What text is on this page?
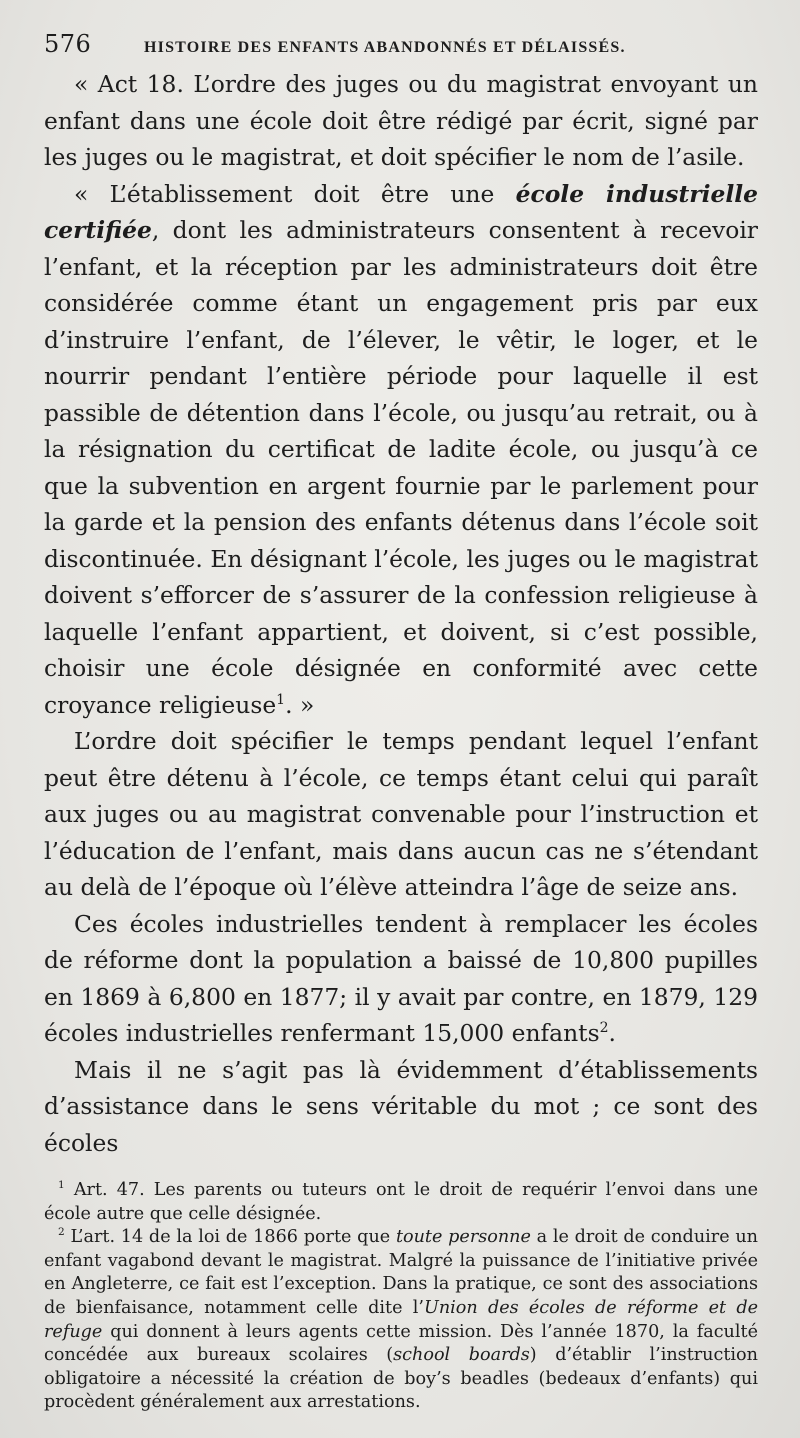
576	HISTOIRE DES ENFANTS ABANDONNÉS ET DÉLAISSÉS.

« Act 18. L’ordre des juges ou du magistrat envoyant un enfant dans une école doit être rédigé par écrit, signé par les juges ou le magistrat, et doit spécifier le nom de l’asile.

« L’établissement doit être une école industrielle certifiée, dont les administrateurs consentent à recevoir l’enfant, et la réception par les administrateurs doit être considérée comme étant un engagement pris par eux d’instruire l’enfant, de l’élever, le vêtir, le loger, et le nourrir pendant l’entière période pour laquelle il est passible de détention dans l’école, ou jusqu’au retrait, ou à la résignation du certificat de ladite école, ou jusqu’à ce que la subvention en argent fournie par le parlement pour la garde et la pension des enfants détenus dans l’école soit discontinuée. En désignant l’école, les juges ou le magistrat doivent s’efforcer de s’assurer de la confession religieuse à laquelle l’enfant appartient, et doivent, si c’est possible, choisir une école désignée en conformité avec cette croyance religieuse$^1$. »

L’ordre doit spécifier le temps pendant lequel l’enfant peut être détenu à l’école, ce temps étant celui qui paraît aux juges ou au magistrat convenable pour l’instruction et l’éducation de l’enfant, mais dans aucun cas ne s’étendant au delà de l’époque où l’élève atteindra l’âge de seize ans.

Ces écoles industrielles tendent à remplacer les écoles de réforme dont la population a baissé de 10,800 pupilles en 1869 à 6,800 en 1877; il y avait par contre, en 1879, 129 écoles industrielles renfermant 15,000 enfants$^2$.

Mais il ne s’agit pas là évidemment d’établissements d’assistance dans le sens véritable du mot ; ce sont des écoles

$^1$ Art. 47. Les parents ou tuteurs ont le droit de requérir l’envoi dans une école autre que celle désignée.

$^2$ L’art. 14 de la loi de 1866 porte que toute personne a le droit de conduire un enfant vagabond devant le magistrat. Malgré la puissance de l’initiative privée en Angleterre, ce fait est l’exception. Dans la pratique, ce sont des associations de bienfaisance, notamment celle dite l’Union des écoles de réforme et de refuge qui donnent à leurs agents cette mission. Dès l’année 1870, la faculté concédée aux bureaux scolaires (school boards) d’établir l’instruction obligatoire a nécessité la création de boy’s beadles (bedeaux d’enfants) qui procèdent généralement aux arrestations.
